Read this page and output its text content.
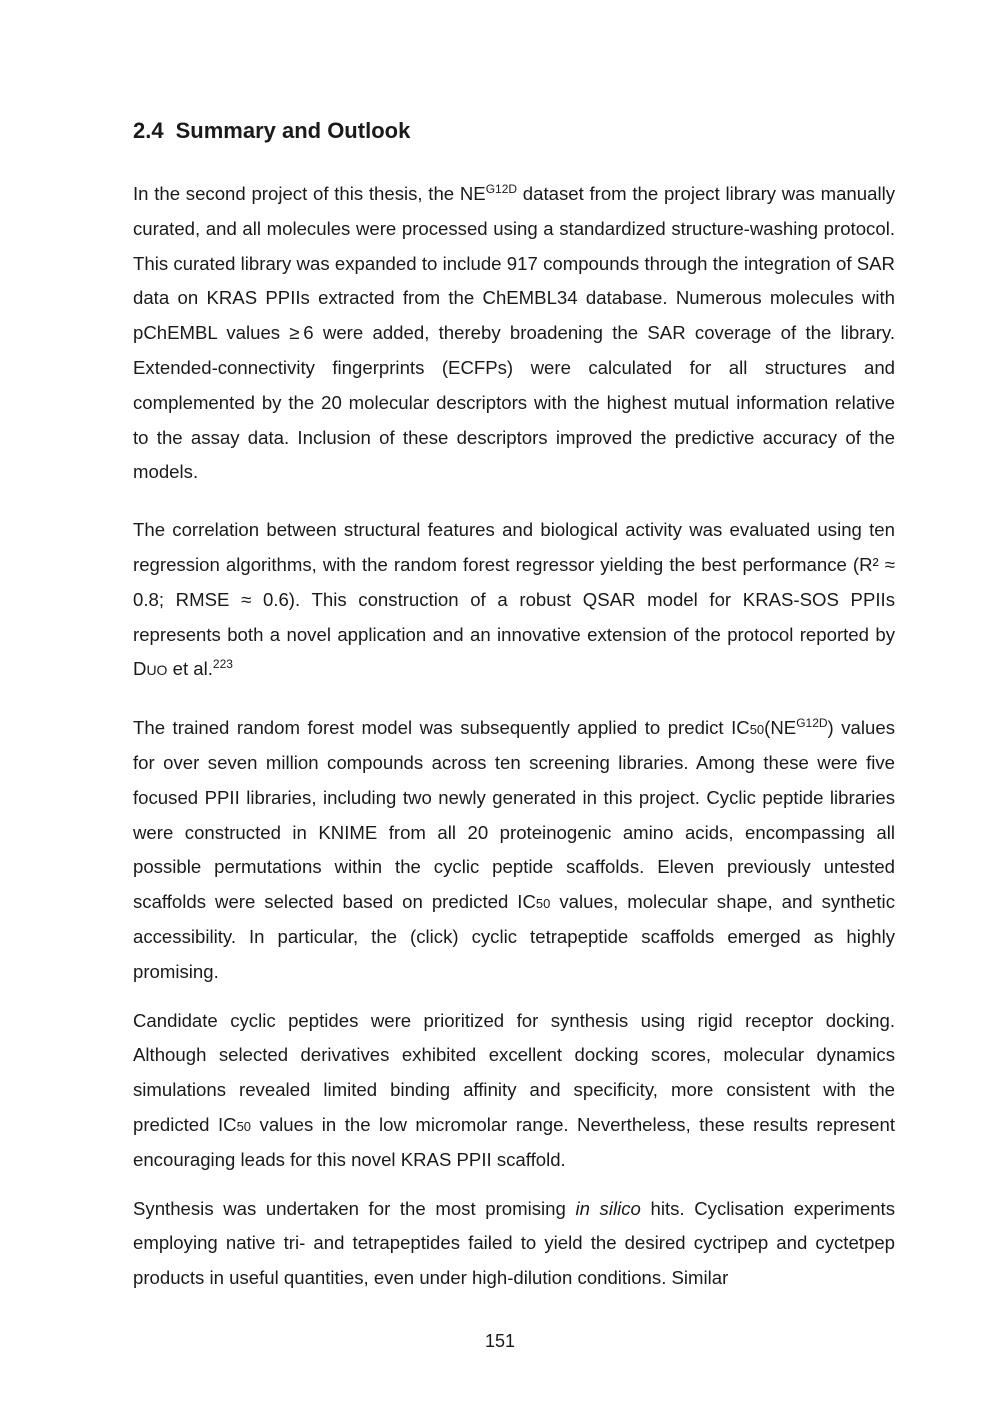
2.4 Summary and Outlook

In the second project of this thesis, the $NE^{G12D}$ dataset from the project library was manually curated, and all molecules were processed using a standardized structure-washing protocol. This curated library was expanded to include 917 compounds through the integration of SAR data on KRAS PPIIs extracted from the ChEMBL34 database. Numerous molecules with pChEMBL values ≥ 6 were added, thereby broadening the SAR coverage of the library. Extended-connectivity fingerprints (ECFPs) were calculated for all structures and complemented by the 20 molecular descriptors with the highest mutual information relative to the assay data. Inclusion of these descriptors improved the predictive accuracy of the models.

The correlation between structural features and biological activity was evaluated using ten regression algorithms, with the random forest regressor yielding the best performance (R² ≈ 0.8; RMSE ≈ 0.6). This construction of a robust QSAR model for KRAS-SOS PPIIs represents both a novel application and an innovative extension of the protocol reported by DUO et al.$^{223}$

The trained random forest model was subsequently applied to predict $IC50(NE^{G12D})$ values for over seven million compounds across ten screening libraries. Among these were five focused PPII libraries, including two newly generated in this project. Cyclic peptide libraries were constructed in KNIME from all 20 proteinogenic amino acids, encompassing all possible permutations within the cyclic peptide scaffolds. Eleven previously untested scaffolds were selected based on predicted IC50 values, molecular shape, and synthetic accessibility. In particular, the (click) cyclic tetrapeptide scaffolds emerged as highly promising.

Candidate cyclic peptides were prioritized for synthesis using rigid receptor docking. Although selected derivatives exhibited excellent docking scores, molecular dynamics simulations revealed limited binding affinity and specificity, more consistent with the predicted IC50 values in the low micromolar range. Nevertheless, these results represent encouraging leads for this novel KRAS PPII scaffold.

Synthesis was undertaken for the most promising in silico hits. Cyclisation experiments employing native tri- and tetrapeptides failed to yield the desired cyctripep and cyctetpep products in useful quantities, even under high-dilution conditions. Similar

151
